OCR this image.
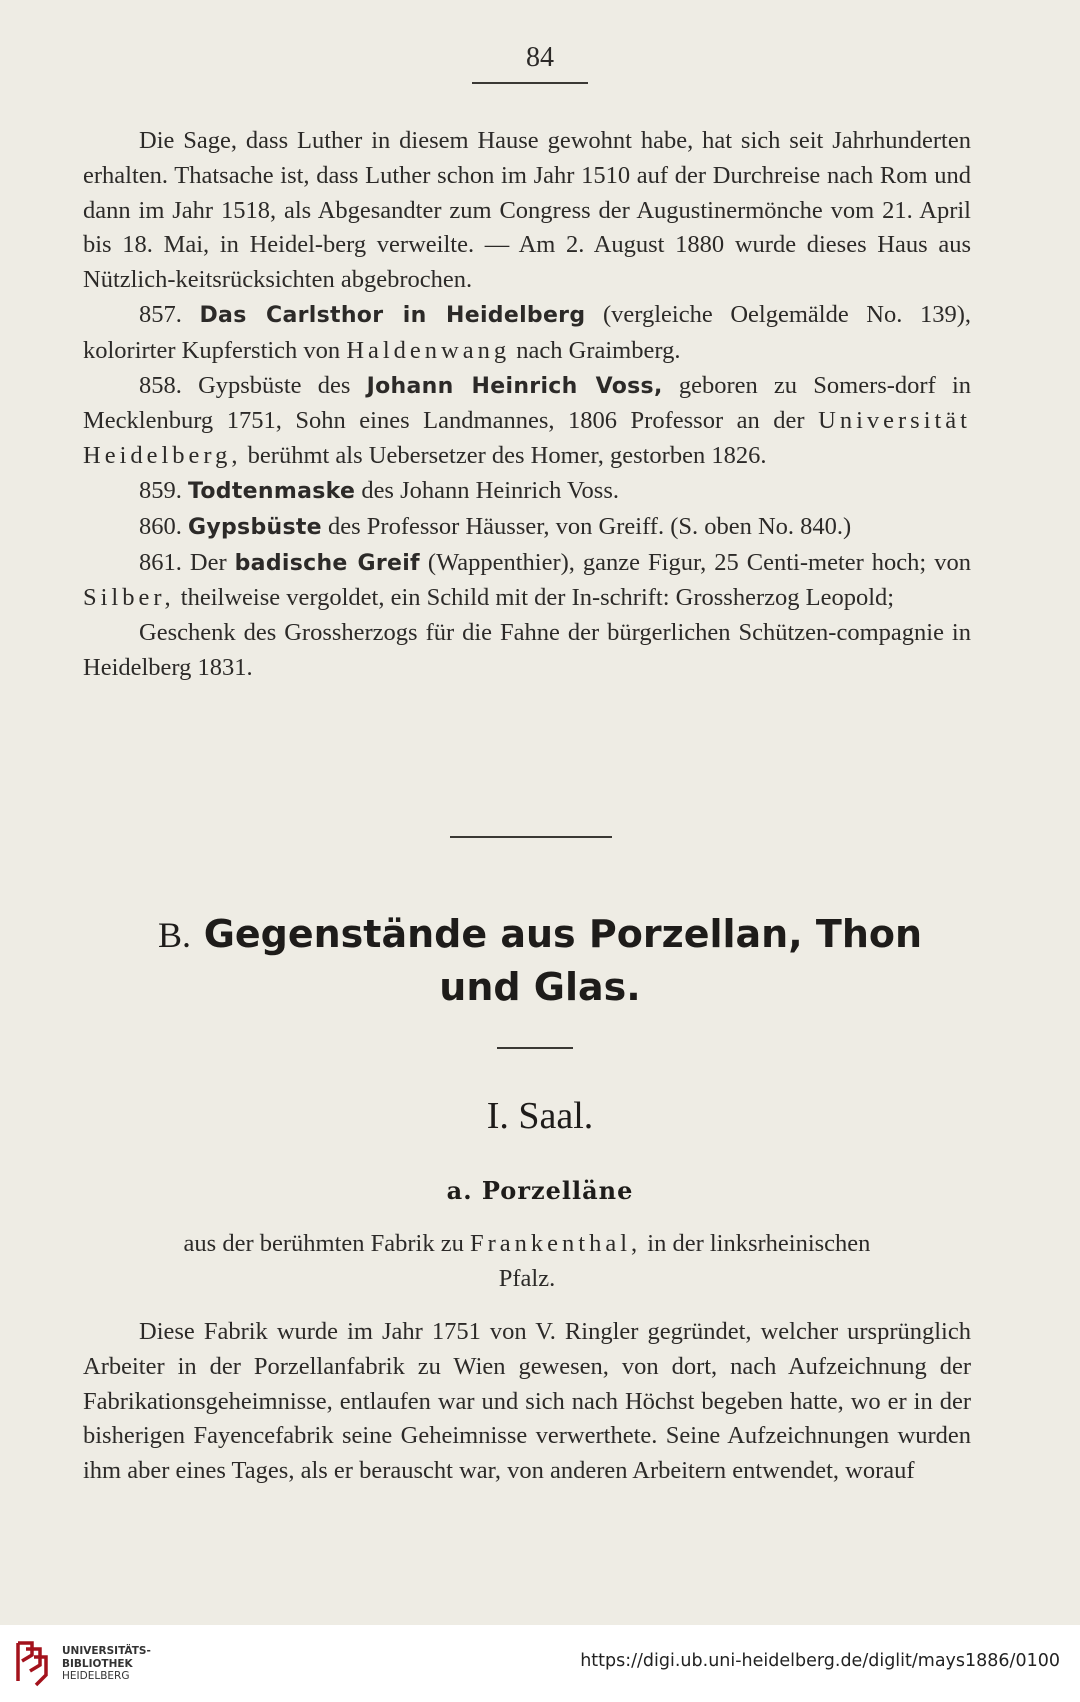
84

Die Sage, dass Luther in diesem Hause gewohnt habe, hat sich seit Jahrhunderten erhalten. Thatsache ist, dass Luther schon im Jahr 1510 auf der Durchreise nach Rom und dann im Jahr 1518, als Abgesandter zum Congress der Augustinermönche vom 21. April bis 18. Mai, in Heidel-berg verweilte. — Am 2. August 1880 wurde dieses Haus aus Nützlich-keitsrücksichten abgebrochen.

857. Das Carlsthor in Heidelberg (vergleiche Oelgemälde No. 139), kolorirter Kupferstich von Haldenwang nach Graimberg.

858. Gypsbüste des Johann Heinrich Voss, geboren zu Somers-dorf in Mecklenburg 1751, Sohn eines Landmannes, 1806 Professor an der Universität Heidelberg, berühmt als Uebersetzer des Homer, gestorben 1826.

859. Todtenmaske des Johann Heinrich Voss.

860. Gypsbüste des Professor Häusser, von Greiff. (S. oben No. 840.)

861. Der badische Greif (Wappenthier), ganze Figur, 25 Centi-meter hoch; von Silber, theilweise vergoldet, ein Schild mit der In-schrift: Grossherzog Leopold;

Geschenk des Grossherzogs für die Fahne der bürgerlichen Schützen-compagnie in Heidelberg 1831.

B. Gegenstände aus Porzellan, Thon
und Glas.
I. Saal.
a. Porzelläne
aus der berühmten Fabrik zu Frankenthal, in der linksrheinischen
Pfalz.

Diese Fabrik wurde im Jahr 1751 von V. Ringler gegründet, welcher ursprünglich Arbeiter in der Porzellanfabrik zu Wien gewesen, von dort, nach Aufzeichnung der Fabrikationsgeheimnisse, entlaufen war und sich nach Höchst begeben hatte, wo er in der bisherigen Fayencefabrik seine Geheimnisse verwerthete. Seine Aufzeichnungen wurden ihm aber eines Tages, als er berauscht war, von anderen Arbeitern entwendet, worauf

UNIVERSITÄTS-
BIBLIOTHEK
HEIDELBERG
https://digi.ub.uni-heidelberg.de/diglit/mays1886/0100
